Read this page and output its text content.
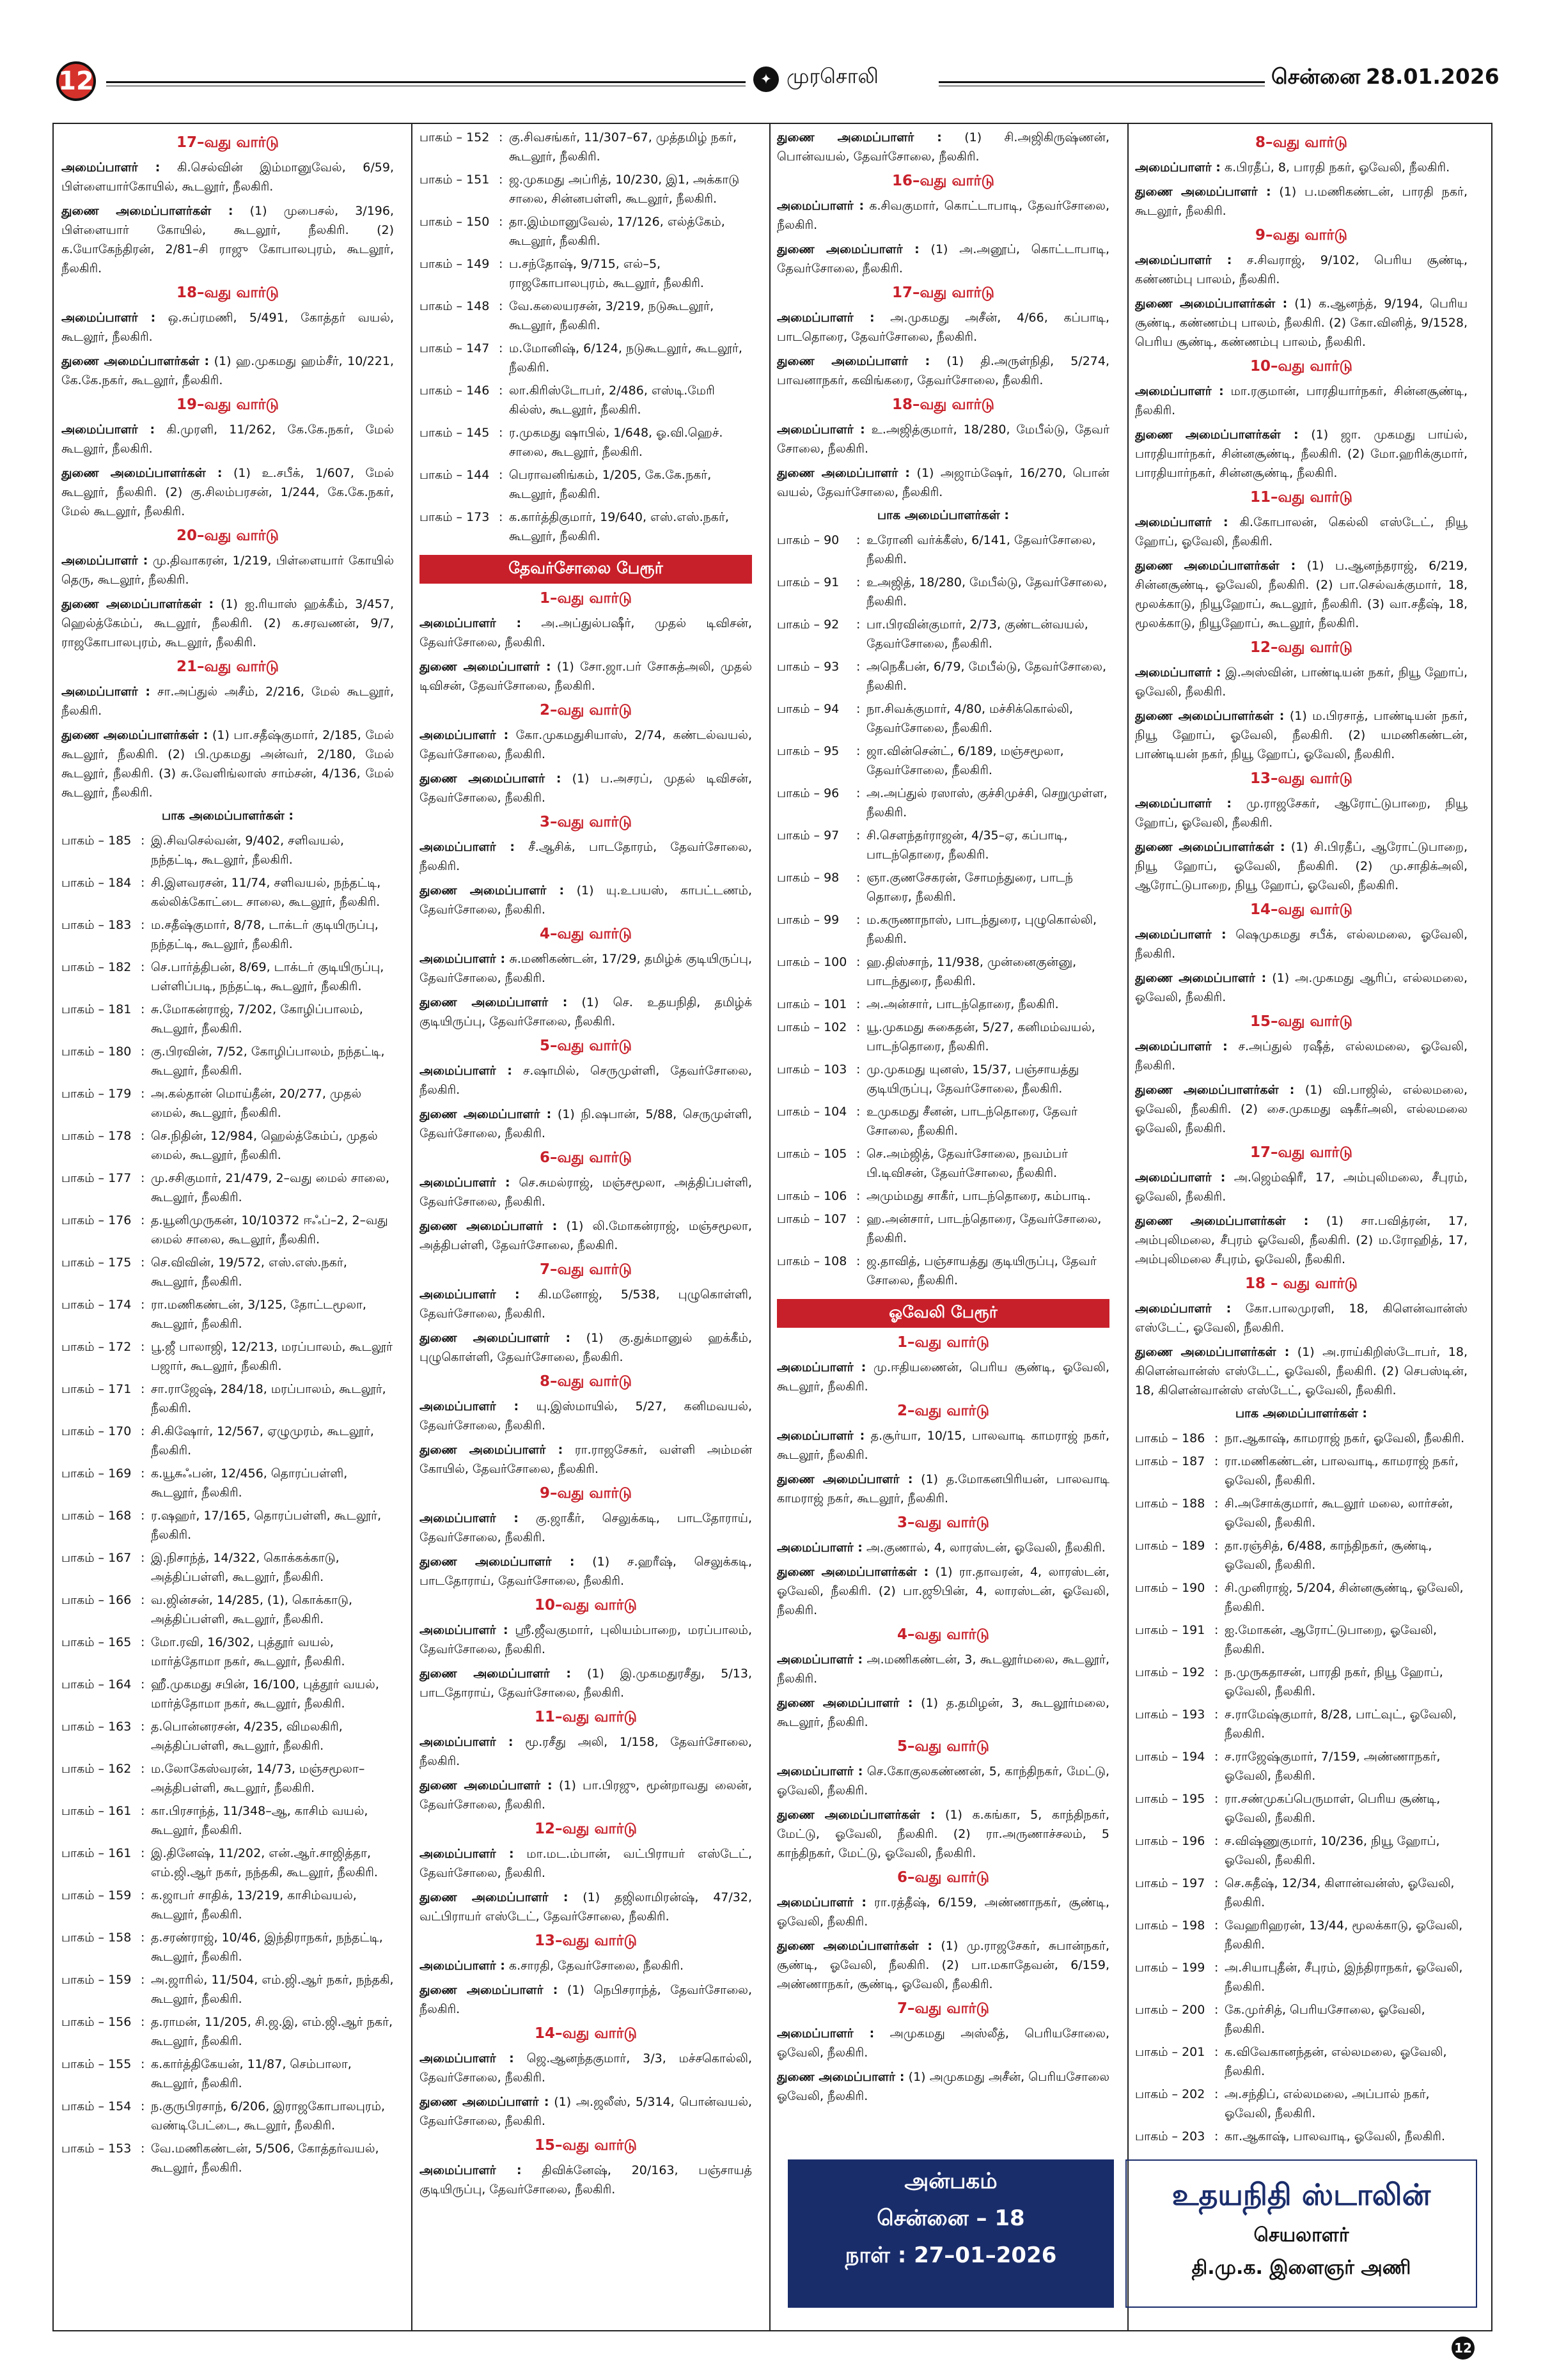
12	✦ முரசொலி	சென்னை 28.01.2026
17–வது வார்டு
அமைப்பாளர் : கி.செல்வின் இம்மானுவேல், 6/59, பிள்ளையார்கோயில், கூடலூர், நீலகிரி.
துணை அமைப்பாளர்கள் : (1) முபைசல், 3/196, பிள்ளையார் கோயில், கூடலூர், நீலகிரி. (2) க.யோகேந்திரன், 2/81–சி ராஜு கோபாலபுரம், கூடலூர், நீலகிரி.
18–வது வார்டு
அமைப்பாளர் : ஒ.சுப்ரமணி, 5/491, கோத்தர் வயல், கூடலூர், நீலகிரி.
துணை அமைப்பாளர்கள் : (1) ஹ.முகமது ஹம்சீர், 10/221, கே.கே.நகர், கூடலூர், நீலகிரி.
19–வது வார்டு
அமைப்பாளர் : கி.முரளி, 11/262, கே.கே.நகர், மேல் கூடலூர், நீலகிரி.
துணை அமைப்பாளர்கள் : (1) உ.சபீக், 1/607, மேல் கூடலூர், நீலகிரி. (2) கு.சிலம்பரசன், 1/244, கே.கே.நகர், மேல் கூடலூர், நீலகிரி.
20–வது வார்டு
அமைப்பாளர் : மு.திவாகரன், 1/219, பிள்ளையார் கோயில் தெரு, கூடலூர், நீலகிரி.
துணை அமைப்பாளர்கள் : (1) ஐ.ரியாஸ் ஹக்கீம், 3/457, ஹெல்த்கேம்ப், கூடலூர், நீலகிரி. (2) க.சரவணன், 9/7, ராஜகோபாலபுரம், கூடலூர், நீலகிரி.
21–வது வார்டு
அமைப்பாளர் : சா.அப்துல் அசீம், 2/216, மேல் கூடலூர், நீலகிரி.
துணை அமைப்பாளர்கள் : (1) பா.சதீஷ்குமார், 2/185, மேல் கூடலூர், நீலகிரி. (2) பி.முகமது அன்வர், 2/180, மேல் கூடலூர், நீலகிரி. (3) சு.வேளிங்லாஸ் சாம்சன், 4/136, மேல் கூடலூர், நீலகிரி.
பாக அமைப்பாளர்கள் :
பாகம் – 185 : இ.சிவசெல்வன், 9/402, சளிவயல், நந்தட்டி, கூடலூர், நீலகிரி.
பாகம் – 184 : சி.இளவரசன், 11/74, சளிவயல், நந்தட்டி, கல்லிக்கோட்டை சாலை, கூடலூர், நீலகிரி.
பாகம் – 183 : ம.சதீஷ்குமார், 8/78, டாக்டர் குடியிருப்பு, நந்தட்டி, கூடலூர், நீலகிரி.
பாகம் – 182 : செ.பார்த்திபன், 8/69, டாக்டர் குடியிருப்பு, பள்ளிப்படி, நந்தட்டி, கூடலூர், நீலகிரி.
பாகம் – 181 : சு.மோகன்ராஜ், 7/202, கோழிப்பாலம், கூடலூர், நீலகிரி.
பாகம் – 180 : கு.பிரவின், 7/52, கோழிப்பாலம், நந்தட்டி, கூடலூர், நீலகிரி.
பாகம் – 179 : அ.கல்தான் மொய்தீன், 20/277, முதல் மைல், கூடலூர், நீலகிரி.
பாகம் – 178 : செ.நிதின், 12/984, ஹெல்த்கேம்ப், முதல் மைல், கூடலூர், நீலகிரி.
பாகம் – 177 : மு.சசிகுமார், 21/479, 2–வது மைல் சாலை, கூடலூர், நீலகிரி.
பாகம் – 176 : த.யூனிமுருகன், 10/10372 ஈஃப்–2, 2–வது மைல் சாலை, கூடலூர், நீலகிரி.
பாகம் – 175 : செ.விவின், 19/572, எஸ்.எஸ்.நகர், கூடலூர், நீலகிரி.
பாகம் – 174 : ரா.மணிகண்டன், 3/125, தோட்டமூலா, கூடலூர், நீலகிரி.
பாகம் – 172 : பூ.ஜீ பாலாஜி, 12/213, மரப்பாலம், கூடலூர் பஜார், கூடலூர், நீலகிரி.
பாகம் – 171 : சா.ராஜேஷ், 284/18, மரப்பாலம், கூடலூர், நீலகிரி.
பாகம் – 170 : சி.கிஷோர், 12/567, ஏழுமுரம், கூடலூர், நீலகிரி.
பாகம் – 169 : க.யூசுஃபன், 12/456, தொரப்பள்ளி, கூடலூர், நீலகிரி.
பாகம் – 168 : ர.ஷஹர், 17/165, தொரப்பள்ளி, கூடலூர், நீலகிரி.
பாகம் – 167 : இ.நிசாந்த், 14/322, கொக்கக்காடு, அத்திப்பள்ளி, கூடலூர், நீலகிரி.
பாகம் – 166 : வ.ஜின்சன், 14/285, (1), கொக்காடு, அத்திப்பள்ளி, கூடலூர், நீலகிரி.
பாகம் – 165 : மோ.ரவி, 16/302, புத்தூர் வயல், மார்த்தோமா நகர், கூடலூர், நீலகிரி.
பாகம் – 164 : ஹீ.முகமது சபின், 16/100, புத்தூர் வயல், மார்த்தோமா நகர், கூடலூர், நீலகிரி.
பாகம் – 163 : த.பொன்னரசன், 4/235, விமலகிரி, அத்திப்பள்ளி, கூடலூர், நீலகிரி.
பாகம் – 162 : ம.லோகேஸ்வரன், 14/73, மஞ்சமூலா– அத்திபள்ளி, கூடலூர், நீலகிரி.
பாகம் – 161 : கா.பிரசாந்த், 11/348–ஆ, காசிம் வயல், கூடலூர், நீலகிரி.
பாகம் – 161 : இ.தினேஷ், 11/202, என்.ஆர்.சாஜித்தா, எம்.ஜி.ஆர் நகர், நந்தகி, கூடலூர், நீலகிரி.
பாகம் – 159 : க.ஜாபர் சாதிக், 13/219, காசிம்வயல், கூடலூர், நீலகிரி.
பாகம் – 158 : த.சரண்ராஜ், 10/46, இந்திராநகர், நந்தட்டி, கூடலூர், நீலகிரி.
பாகம் – 159 : அ.ஜாரில், 11/504, எம்.ஜி.ஆர் நகர், நந்தகி, கூடலூர், நீலகிரி.
பாகம் – 156 : த.ராமன், 11/205, சி.ஜ.இ, எம்.ஜி.ஆர் நகர், கூடலூர், நீலகிரி.
பாகம் – 155 : க.கார்த்திகேயன், 11/87, செம்பாலா, கூடலூர், நீலகிரி.
பாகம் – 154 : ந.குருபிரசாந், 6/206, இராஜகோபாலபுரம், வண்டிபேட்டை, கூடலூர், நீலகிரி.
பாகம் – 153 : வே.மணிகண்டன், 5/506, கோத்தர்வயல், கூடலூர், நீலகிரி.
பாகம் – 152 : கு.சிவசங்கர், 11/307–67, முத்தமிழ் நகர், கூடலூர், நீலகிரி.
பாகம் – 151 : ஜ.முகமது அப்ரித், 10/230, இ1, அக்காடு சாலை, சின்னபள்ளி, கூடலூர், நீலகிரி.
பாகம் – 150 : தா.இம்மானுவேல், 17/126, எல்த்கேம், கூடலூர், நீலகிரி.
பாகம் – 149 : ப.சந்தோஷ், 9/715, எல்–5, ராஜகோபாலபுரம், கூடலூர், நீலகிரி.
பாகம் – 148 : வே.கலையரசன், 3/219, நடுகூடலூர், கூடலூர், நீலகிரி.
பாகம் – 147 : ம.மோனிஷ், 6/124, நடுகூடலூர், கூடலூர், நீலகிரி.
பாகம் – 146 : லா.கிரிஸ்டோபர், 2/486, எஸ்டி.மேரி கில்ஸ், கூடலூர், நீலகிரி.
பாகம் – 145 : ர.முகமது ஷாபில், 1/648, ஓ.வி.ஹெச். சாலை, கூடலூர், நீலகிரி.
பாகம் – 144 : பெராவனிங்கம், 1/205, கே.கே.நகர், கூடலூர், நீலகிரி.
பாகம் – 173 : க.கார்த்திகுமார், 19/640, எஸ்.எஸ்.நகர், கூடலூர், நீலகிரி.
தேவர்சோலை பேரூர்
1–வது வார்டு
அமைப்பாளர் : அ.அப்துல்பஷீர், முதல் டிவிசன், தேவர்சோலை, நீலகிரி.
துணை அமைப்பாளர் : (1) சோ.ஜா.பர் சோசுத்அலி, முதல் டிவிசன், தேவர்சோலை, நீலகிரி.
2–வது வார்டு
அமைப்பாளர் : கோ.முகமதுசியாஸ், 2/74, கண்டல்வயல், தேவர்சோலை, நீலகிரி.
துணை அமைப்பாளர் : (1) ப.அசரப், முதல் டிவிசன், தேவர்சோலை, நீலகிரி.
3–வது வார்டு
அமைப்பாளர் : சீ.ஆசிக், பாடதோரம், தேவர்சோலை, நீலகிரி.
துணை அமைப்பாளர் : (1) யு.உபயஸ், காபட்டணம், தேவர்சோலை, நீலகிரி.
4–வது வார்டு
அமைப்பாளர் : சு.மணிகண்டன், 17/29, தமிழ்க் குடியிருப்பு, தேவர்சோலை, நீலகிரி.
துணை அமைப்பாளர் : (1) செ. உதயநிதி, தமிழ்க் குடியிருப்பு, தேவர்சோலை, நீலகிரி.
5–வது வார்டு
அமைப்பாளர் : ச.ஷாமில், செருமுள்ளி, தேவர்சோலை, நீலகிரி.
துணை அமைப்பாளர் : (1) நி.ஷபான், 5/88, செருமுள்ளி, தேவர்சோலை, நீலகிரி.
6–வது வார்டு
அமைப்பாளர் : செ.சுமல்ராஜ், மஞ்சமூலா, அத்திப்பள்ளி, தேவர்சோலை, நீலகிரி.
துணை அமைப்பாளர் : (1) லி.மோகன்ராஜ், மஞ்சமூலா, அத்திபள்ளி, தேவர்சோலை, நீலகிரி.
7–வது வார்டு
அமைப்பாளர் : கி.மனோஜ், 5/538, புழுகொள்ளி, தேவர்சோலை, நீலகிரி.
துணை அமைப்பாளர் : (1) கு.துக்மானுல் ஹக்கீம், புழுகொள்ளி, தேவர்சோலை, நீலகிரி.
8–வது வார்டு
அமைப்பாளர் : யு.இஸ்மாயில், 5/27, கனிமவயல், தேவர்சோலை, நீலகிரி.
துணை அமைப்பாளர் : ரா.ராஜசேகர், வள்ளி அம்மன் கோயில், தேவர்சோலை, நீலகிரி.
9–வது வார்டு
அமைப்பாளர் : கு.ஜாகீர், செலுக்கடி, பாடதோராய், தேவர்சோலை, நீலகிரி.
துணை அமைப்பாளர் : (1) ச.ஹரீஷ், செலுக்கடி, பாடதோராய், தேவர்சோலை, நீலகிரி.
10–வது வார்டு
அமைப்பாளர் : ஸ்ரீ.ஜீவகுமார், புலியம்பாறை, மரப்பாலம், தேவர்சோலை, நீலகிரி.
துணை அமைப்பாளர் : (1) இ.முகமதுரசீது, 5/13, பாடதோராய், தேவர்சோலை, நீலகிரி.
11–வது வார்டு
அமைப்பாளர் : மூ.ரசீது அலி, 1/158, தேவர்சோலை, நீலகிரி.
துணை அமைப்பாளர் : (1) பா.பிரஜு, மூன்றாவது லைன், தேவர்சோலை, நீலகிரி.
12–வது வார்டு
அமைப்பாளர் : மா.மட.ம்பான், வட்பிராயர் எஸ்டேட், தேவர்சோலை, நீலகிரி.
துணை அமைப்பாளர் : (1) தஜிலாமிரன்ஷ், 47/32, வட்பிராயர் எஸ்டேட், தேவர்சோலை, நீலகிரி.
13–வது வார்டு
அமைப்பாளர் : க.சாரதி, தேவர்சோலை, நீலகிரி.
துணை அமைப்பாளர் : (1) நெபிசராந்த், தேவர்சோலை, நீலகிரி.
14–வது வார்டு
அமைப்பாளர் : ஜெ.ஆனந்தகுமார், 3/3, மச்சகொல்லி, தேவர்சோலை, நீலகிரி.
துணை அமைப்பாளர் : (1) அ.ஜலீஸ், 5/314, பொன்வயல், தேவர்சோலை, நீலகிரி.
15–வது வார்டு
அமைப்பாளர் : திவிக்னேஷ், 20/163, பஞ்சாயத் குடியிருப்பு, தேவர்சோலை, நீலகிரி.
துணை அமைப்பாளர் : (1) சி.அஜிகிருஷ்ணன், பொன்வயல், தேவர்சோலை, நீலகிரி.
16–வது வார்டு
அமைப்பாளர் : க.சிவகுமார், கொட்டாபாடி, தேவர்சோலை, நீலகிரி.
துணை அமைப்பாளர் : (1) அ.அனூப், கொட்டாபாடி, தேவர்சோலை, நீலகிரி.
17–வது வார்டு
அமைப்பாளர் : அ.முகமது அசீன், 4/66, கப்பாடி, பாடதொரை, தேவர்சோலை, நீலகிரி.
துணை அமைப்பாளர் : (1) தி.அருள்நிதி, 5/274, பாவனாநகர், கவிங்கரை, தேவர்சோலை, நீலகிரி.
18–வது வார்டு
அமைப்பாளர் : உ.அஜித்குமார், 18/280, மேபீல்டு, தேவர் சோலை, நீலகிரி.
துணை அமைப்பாளர் : (1) அஜாம்ஷேர், 16/270, பொன் வயல், தேவர்சோலை, நீலகிரி.
பாக அமைப்பாளர்கள் :
பாகம் – 90	: உரோனி வர்க்கீஸ், 6/141, தேவர்சோலை, நீலகிரி.
பாகம் – 91	: உஅஜித், 18/280, மேபீல்டு, தேவர்சோலை, நீலகிரி.
பாகம் – 92	: பா.பிரவின்குமார், 2/73, குண்டன்வயல், தேவர்சோலை, நீலகிரி.
பாகம் – 93	: அநெகீபன், 6/79, மேபீல்டு, தேவர்சோலை, நீலகிரி.
பாகம் – 94	: நா.சிவக்குமார், 4/80, மச்சிக்கொல்லி, தேவர்சோலை, நீலகிரி.
பாகம் – 95	: ஜா.வின்சென்ட், 6/189, மஞ்சமூலா, தேவர்சோலை, நீலகிரி.
பாகம் – 96	: அ.அப்துல் ரஸாஸ், குச்சிமுச்சி, செறுமுள்ள, நீலகிரி.
பாகம் – 97	: சி.சௌந்தர்ராஜன், 4/35–ஏ, கப்பாடி, பாடந்தொரை, நீலகிரி.
பாகம் – 98	: ஞா.குணசேகரன், சோமந்துரை, பாடந் தொரை, நீலகிரி.
பாகம் – 99	: ம.கருணாநாஸ், பாடந்துரை, புழுகொல்லி, நீலகிரி.
பாகம் – 100 : ஹ.திஸ்சாந், 11/938, முன்னைகுன்னு, பாடந்துரை, நீலகிரி.
பாகம் – 101 : அ.அன்சார், பாடந்தொரை, நீலகிரி.
பாகம் – 102 : யூ.முகமது சுகைதன், 5/27, கனிமம்வயல், பாடந்தொரை, நீலகிரி.
பாகம் – 103 : மு.முகமது யுனஸ், 15/37, பஞ்சாயத்து குடியிருப்பு, தேவர்சோலை, நீலகிரி.
பாகம் – 104 : உமுகமது சீனன், பாடந்தொரை, தேவர் சோலை, நீலகிரி.
பாகம் – 105 : செ.அம்ஜித், தேவர்சோலை, நவம்பர் பி.டிவிசன், தேவர்சோலை, நீலகிரி.
பாகம் – 106 : அமும்மது சாகீர், பாடந்தொரை, கம்பாடி.
பாகம் – 107 : ஹ.அன்சார், பாடந்தொரை, தேவர்சோலை, நீலகிரி.
பாகம் – 108 : ஜ.தாவித், பஞ்சாயத்து குடியிருப்பு, தேவர் சோலை, நீலகிரி.
ஓவேலி பேரூர்
1–வது வார்டு
அமைப்பாளர் : மு.ஈதியணைன், பெரிய சூண்டி, ஓவேலி, கூடலூர், நீலகிரி.
2–வது வார்டு
அமைப்பாளர் : த.சூர்யா, 10/15, பாலவாடி காமராஜ் நகர், கூடலூர், நீலகிரி.
துணை அமைப்பாளர் : (1) த.மோகனபிரியன், பாலவாடி காமராஜ் நகர், கூடலூர், நீலகிரி.
3–வது வார்டு
அமைப்பாளர் : அ.குணால், 4, லாரஸ்டன், ஓவேலி, நீலகிரி.
துணை அமைப்பாளர்கள் : (1) ரா.தாவரன், 4, லாரஸ்டன், ஓவேலி, நீலகிரி. (2) பா.ஜூபின், 4, லாரஸ்டன், ஓவேலி, நீலகிரி.
4–வது வார்டு
அமைப்பாளர் : அ.மணிகண்டன், 3, கூடலூர்மலை, கூடலூர், நீலகிரி.
துணை அமைப்பாளர் : (1) த.தமிழன், 3, கூடலூர்மலை, கூடலூர், நீலகிரி.
5–வது வார்டு
அமைப்பாளர் : செ.கோகுலகண்ணன், 5, காந்திநகர், மேட்டு, ஓவேலி, நீலகிரி.
துணை அமைப்பாளர்கள் : (1) க.கங்கா, 5, காந்திநகர், மேட்டு, ஓவேலி, நீலகிரி. (2) ரா.அருணாச்சலம், 5 காந்திநகர், மேட்டு, ஓவேலி, நீலகிரி.
6–வது வார்டு
அமைப்பாளர் : ரா.ரத்தீஷ், 6/159, அண்ணாநகர், சூண்டி, ஓவேலி, நீலகிரி.
துணை அமைப்பாளர்கள் : (1) மு.ராஜசேகர், சுபான்நகர், சூண்டி, ஓவேலி, நீலகிரி. (2) பா.மகாதேவன், 6/159, அண்ணாநகர், சூண்டி, ஓவேலி, நீலகிரி.
7–வது வார்டு
அமைப்பாளர் : அமுகமது அஸ்லீத், பெரியசோலை, ஓவேலி, நீலகிரி.
துணை அமைப்பாளர் : (1) அமுகமது அசீன், பெரியசோலை ஓவேலி, நீலகிரி.
8–வது வார்டு
அமைப்பாளர் : க.பிரதீப், 8, பாரதி நகர், ஓவேலி, நீலகிரி.
துணை அமைப்பாளர் : (1) ப.மணிகண்டன், பாரதி நகர், கூடலூர், நீலகிரி.
9–வது வார்டு
அமைப்பாளர் : ச.சிவராஜ், 9/102, பெரிய சூண்டி, கண்ணம்பு பாலம், நீலகிரி.
துணை அமைப்பாளர்கள் : (1) க.ஆனந்த், 9/194, பெரிய சூண்டி, கண்ணம்பு பாலம், நீலகிரி. (2) கோ.வினித், 9/1528, பெரிய சூண்டி, கண்ணம்பு பாலம், நீலகிரி.
10–வது வார்டு
அமைப்பாளர் : மா.ரகுமான், பாரதியார்நகர், சின்னசூண்டி, நீலகிரி.
துணை அமைப்பாளர்கள் : (1) ஜா. முகமது பாய்ல், பாரதியார்நகர், சின்னசூண்டி, நீலகிரி. (2) மோ.ஹரிக்குமார், பாரதியார்நகர், சின்னசூண்டி, நீலகிரி.
11–வது வார்டு
அமைப்பாளர் : கி.கோபாலன், கெல்லி எஸ்டேட், நியூ ஹோப், ஓவேலி, நீலகிரி.
துணை அமைப்பாளர்கள் : (1) ப.ஆனந்தராஜ், 6/219, சின்னசூண்டி, ஓவேலி, நீலகிரி. (2) பா.செல்வக்குமார், 18, மூலக்காடு, நியூஹோப், கூடலூர், நீலகிரி. (3) வா.சதீஷ், 18, மூலக்காடு, நியூஹோப், கூடலூர், நீலகிரி.
12–வது வார்டு
அமைப்பாளர் : இ.அஸ்வின், பாண்டியன் நகர், நியூ ஹோப், ஓவேலி, நீலகிரி.
துணை அமைப்பாளர்கள் : (1) ம.பிரசாத், பாண்டியன் நகர், நியூ ஹோப், ஓவேலி, நீலகிரி. (2) யமணிகண்டன், பாண்டியன் நகர், நியூ ஹோப், ஓவேலி, நீலகிரி.
13–வது வார்டு
அமைப்பாளர் : மு.ராஜசேகர், ஆரோட்டுபாறை, நியூ ஹோப், ஓவேலி, நீலகிரி.
துணை அமைப்பாளர்கள் : (1) சி.பிரதீப், ஆரோட்டுபாறை, நியூ ஹோப், ஓவேலி, நீலகிரி. (2) மு.சாதிக்அலி, ஆரோட்டுபாறை, நியூ ஹோப், ஓவேலி, நீலகிரி.
14–வது வார்டு
அமைப்பாளர் : ஷெமுகமது சபீக், எல்லமலை, ஓவேலி, நீலகிரி.
துணை அமைப்பாளர் : (1) அ.முகமது ஆரிப், எல்லமலை, ஓவேலி, நீலகிரி.
15–வது வார்டு
அமைப்பாளர் : ச.அப்துல் ரஷீத், எல்லமலை, ஓவேலி, நீலகிரி.
துணை அமைப்பாளர்கள் : (1) வி.பாஜில், எல்லமலை, ஓவேலி, நீலகிரி. (2) சை.முகமது ஷகீர்அலி, எல்லமலை ஓவேலி, நீலகிரி.
17–வது வார்டு
அமைப்பாளர் : அ.ஜெம்ஷிரீ, 17, அம்புலிமலை, சீபுரம், ஓவேலி, நீலகிரி.
துணை அமைப்பாளர்கள் : (1) சா.பவித்ரன், 17, அம்புலிமலை, சீபுரம் ஓவேலி, நீலகிரி. (2) ம.ரோஹித், 17, அம்புலிமலை சீபுரம், ஓவேலி, நீலகிரி.
18 – வது வார்டு
அமைப்பாளர் : கோ.பாலமுரளி, 18, கிளென்வான்ஸ் எஸ்டேட், ஓவேலி, நீலகிரி.
துணை அமைப்பாளர்கள் : (1) அ.ராய்கிறிஸ்டோபர், 18, கிளென்வான்ஸ் எஸ்டேட், ஓவேலி, நீலகிரி. (2) செபஸ்டின், 18, கிளென்வான்ஸ் எஸ்டேட், ஓவேலி, நீலகிரி.
பாக அமைப்பாளர்கள் :
பாகம் – 186 : நா.ஆகாஷ், காமராஜ் நகர், ஓவேலி, நீலகிரி.
பாகம் – 187 : ரா.மணிகண்டன், பாலவாடி, காமராஜ் நகர், ஓவேலி, நீலகிரி.
பாகம் – 188 : சி.அசோக்குமார், கூடலூர் மலை, லார்சன், ஓவேலி, நீலகிரி.
பாகம் – 189 : தா.ரஞ்சித், 6/488, காந்திநகர், சூண்டி, ஓவேலி, நீலகிரி.
பாகம் – 190 : சி.முனிராஜ், 5/204, சின்னசூண்டி, ஓவேலி, நீலகிரி.
பாகம் – 191 : ஐ.மோகன், ஆரோட்டுபாறை, ஓவேலி, நீலகிரி.
பாகம் – 192 : ந.முருகதாசன், பாரதி நகர், நியூ ஹோப், ஓவேலி, நீலகிரி.
பாகம் – 193 : ச.ராமேஷ்குமார், 8/28, பாட்வுட், ஓவேலி, நீலகிரி.
பாகம் – 194 : ச.ராஜேஷ்குமார், 7/159, அண்ணாநகர், ஓவேலி, நீலகிரி.
பாகம் – 195 : ரா.சண்முகப்பெருமாள், பெரிய சூண்டி, ஓவேலி, நீலகிரி.
பாகம் – 196 : ச.விஷ்ணுகுமார், 10/236, நியூ ஹோப், ஓவேலி, நீலகிரி.
பாகம் – 197 : செ.சுதீஷ், 12/34, கிளான்வன்ஸ், ஓவேலி, நீலகிரி.
பாகம் – 198 : வேஹரிஹரன், 13/44, மூலக்காடு, ஓவேலி, நீலகிரி.
பாகம் – 199 : அ.சியாபுதீன், சீபுரம், இந்திராநகர், ஓவேலி, நீலகிரி.
பாகம் – 200 : கே.முர்சித், பெரியசோலை, ஓவேலி, நீலகிரி.
பாகம் – 201 : க.விவேகானந்தன், எல்லமலை, ஓவேலி, நீலகிரி.
பாகம் – 202 : அ.சந்திப், எல்லமலை, அப்பால் நகர், ஓவேலி, நீலகிரி.
பாகம் – 203 : கா.ஆகாஷ், பாலவாடி, ஓவேலி, நீலகிரி.
அன்பகம்
சென்னை – 18
நாள் : 27–01–2026
உதயநிதி ஸ்டாலின்
செயலாளர்
தி.மு.க. இளைஞர் அணி
12
